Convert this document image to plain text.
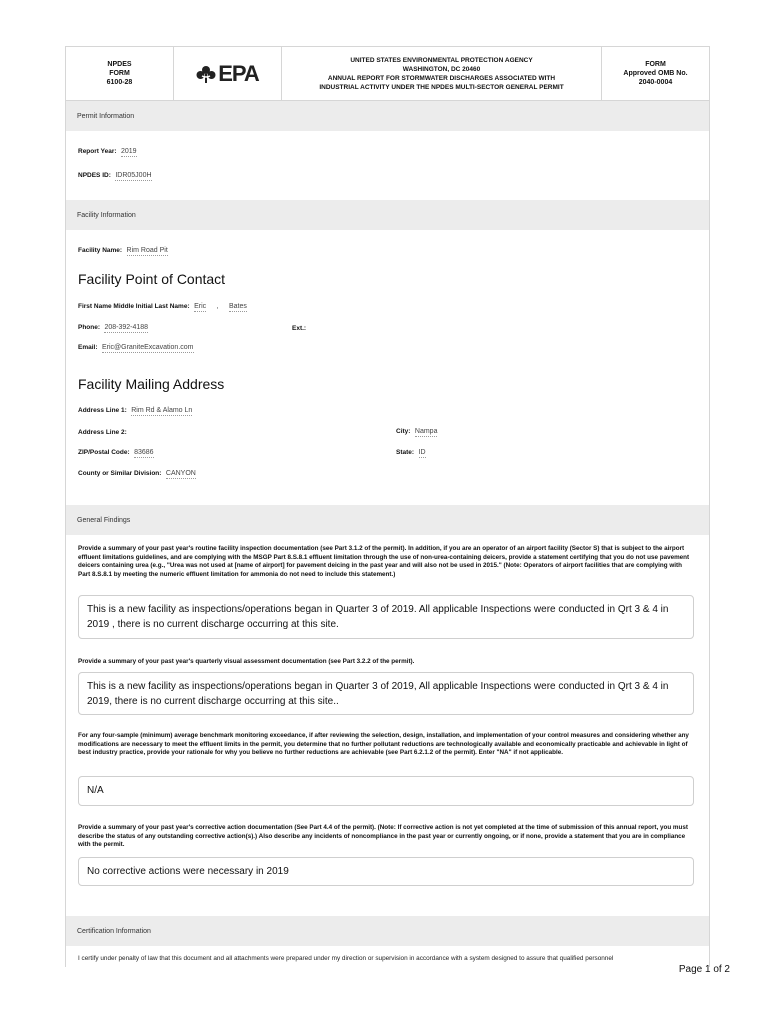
NPDES
FORM
6100-28	EPA
UNITED STATES ENVIRONMENTAL PROTECTION AGENCY
WASHINGTON, DC 20460
ANNUAL REPORT FOR STORMWATER DISCHARGES ASSOCIATED WITH
INDUSTRIAL ACTIVITY UNDER THE NPDES MULTI-SECTOR GENERAL PERMIT
FORM
Approved OMB No.
2040-0004
Permit Information
Report Year: 2019
NPDES ID: IDR05J00H
Facility Information
Facility Name: Rim Road Pit
Facility Point of Contact
First Name Middle Initial Last Name: Eric , Bates
Phone: 208-392-4188	Ext.:
Email: Eric@GraniteExcavation.com
Facility Mailing Address
Address Line 1: Rim Rd & Alamo Ln
Address Line 2:	City: Nampa
ZIP/Postal Code: 83686	State: ID
County or Similar Division: CANYON
General Findings
Provide a summary of your past year's routine facility inspection documentation (see Part 3.1.2 of the permit). In addition, if you are an operator of an airport facility (Sector S) that is subject to the airport effluent limitations guidelines, and are complying with the MSGP Part 8.S.8.1 effluent limitation through the use of non-urea-containing deicers, provide a statement certifying that you do not use pavement deicers containing urea (e.g., "Urea was not used at [name of airport] for pavement deicing in the past year and will also not be used in 2015." (Note: Operators of airport facilities that are complying with Part 8.S.8.1 by meeting the numeric effluent limitation for ammonia do not need to include this statement.)
This is a new facility as inspections/operations began in Quarter 3 of 2019. All applicable Inspections were conducted in Qrt 3 & 4 in 2019 , there is no current discharge occurring at this site.
Provide a summary of your past year's quarterly visual assessment documentation (see Part 3.2.2 of the permit).
This is a new facility as inspections/operations began in Quarter 3 of 2019, All applicable Inspections were conducted in Qrt 3 & 4 in 2019, there is no current discharge occurring at this site..
For any four-sample (minimum) average benchmark monitoring exceedance, if after reviewing the selection, design, installation, and implementation of your control measures and considering whether any modifications are necessary to meet the effluent limits in the permit, you determine that no further pollutant reductions are technologically available and economically practicable and achievable in light of best industry practice, provide your rationale for why you believe no further reductions are achievable (see Part 6.2.1.2 of the permit). Enter "NA" if not applicable.
N/A
Provide a summary of your past year's corrective action documentation (See Part 4.4 of the permit). (Note: If corrective action is not yet completed at the time of submission of this annual report, you must describe the status of any outstanding corrective action(s).) Also describe any incidents of noncompliance in the past year or currently ongoing, or if none, provide a statement that you are in compliance with the permit.
No corrective actions were necessary in 2019
Certification Information
I certify under penalty of law that this document and all attachments were prepared under my direction or supervision in accordance with a system designed to assure that qualified personnel
Page 1 of 2
